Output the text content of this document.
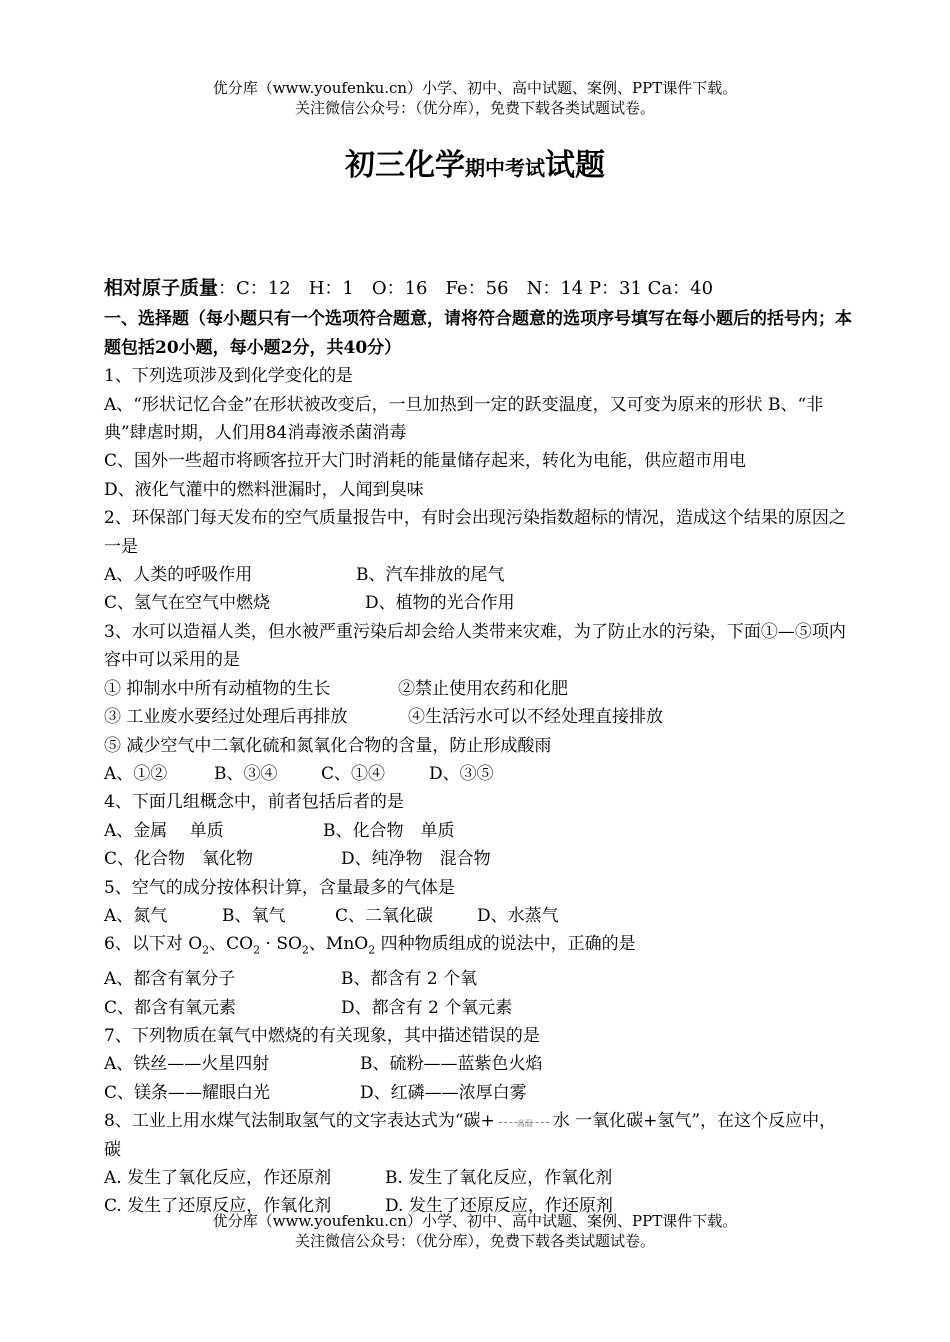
优分库（www.youfenku.cn）小学、初中、高中试题、案例、PPT课件下载。
关注微信公众号：（优分库），免费下载各类试题试卷。
初三化学期中考试试题
相对原子质量：C：12　H：1　O：16　Fe：56　N：14 P：31 Ca：40
一、选择题（每小题只有一个选项符合题意，请将符合题意的选项序号填写在每小题后的括号内；本题包括20小题，每小题2分，共40分）
1、下列选项涉及到化学变化的是
A、“形状记忆合金”在形状被改变后，一旦加热到一定的跃变温度，又可变为原来的形状 B、“非典”肆虐时期，人们用84消毒液杀菌消毒
C、国外一些超市将顾客拉开大门时消耗的能量储存起来，转化为电能，供应超市用电
D、液化气灌中的燃料泄漏时，人闻到臭味
2、环保部门每天发布的空气质量报告中，有时会出现污染指数超标的情况，造成这个结果的原因之一是
A、人类的呼吸作用	B、汽车排放的尾气
C、氢气在空气中燃烧	D、植物的光合作用
3、水可以造福人类，但水被严重污染后却会给人类带来灾难，为了防止水的污染，下面①—⑤项内容中可以采用的是
① 抑制水中所有动植物的生长	②禁止使用农药和化肥
③ 工业废水要经过处理后再排放	④生活污水可以不经处理直接排放
⑤ 减少空气中二氧化硫和氮氧化合物的含量，防止形成酸雨
A、①②	B、③④	C、①④	D、③⑤
4、下面几组概念中，前者包括后者的是
A、金属　 单质	B、化合物　单质
C、化合物　氧化物	D、纯净物　混合物
5、空气的成分按体积计算，含量最多的气体是
A、氮气	B、氧气	C、二氧化碳	D、水蒸气
6、以下对 $O_2$、$CO_2 \cdot SO_2$、MnO$_2$ 四种物质组成的说法中，正确的是
A、都含有氧分子	B、都含有 2 个氧
C、都含有氧元素	D、都含有 2 个氧元素
7、下列物质在氧气中燃烧的有关现象，其中描述错误的是
A、铁丝——火星四射	B、硫粉——蓝紫色火焰
C、镁条——耀眼白光	D、红磷——浓厚白雾
8、工业上用水煤气法制取氢气的文字表达式为“碳+	高温 水 一氧化碳+氢气”，在这个反应中，碳
A. 发生了氧化反应，作还原剂	B. 发生了氧化反应，作氧化剂
C. 发生了还原反应，作氧化剂	D. 发生了还原反应，作还原剂
优分库（www.youfenku.cn）小学、初中、高中试题、案例、PPT课件下载。
关注微信公众号：（优分库），免费下载各类试题试卷。
